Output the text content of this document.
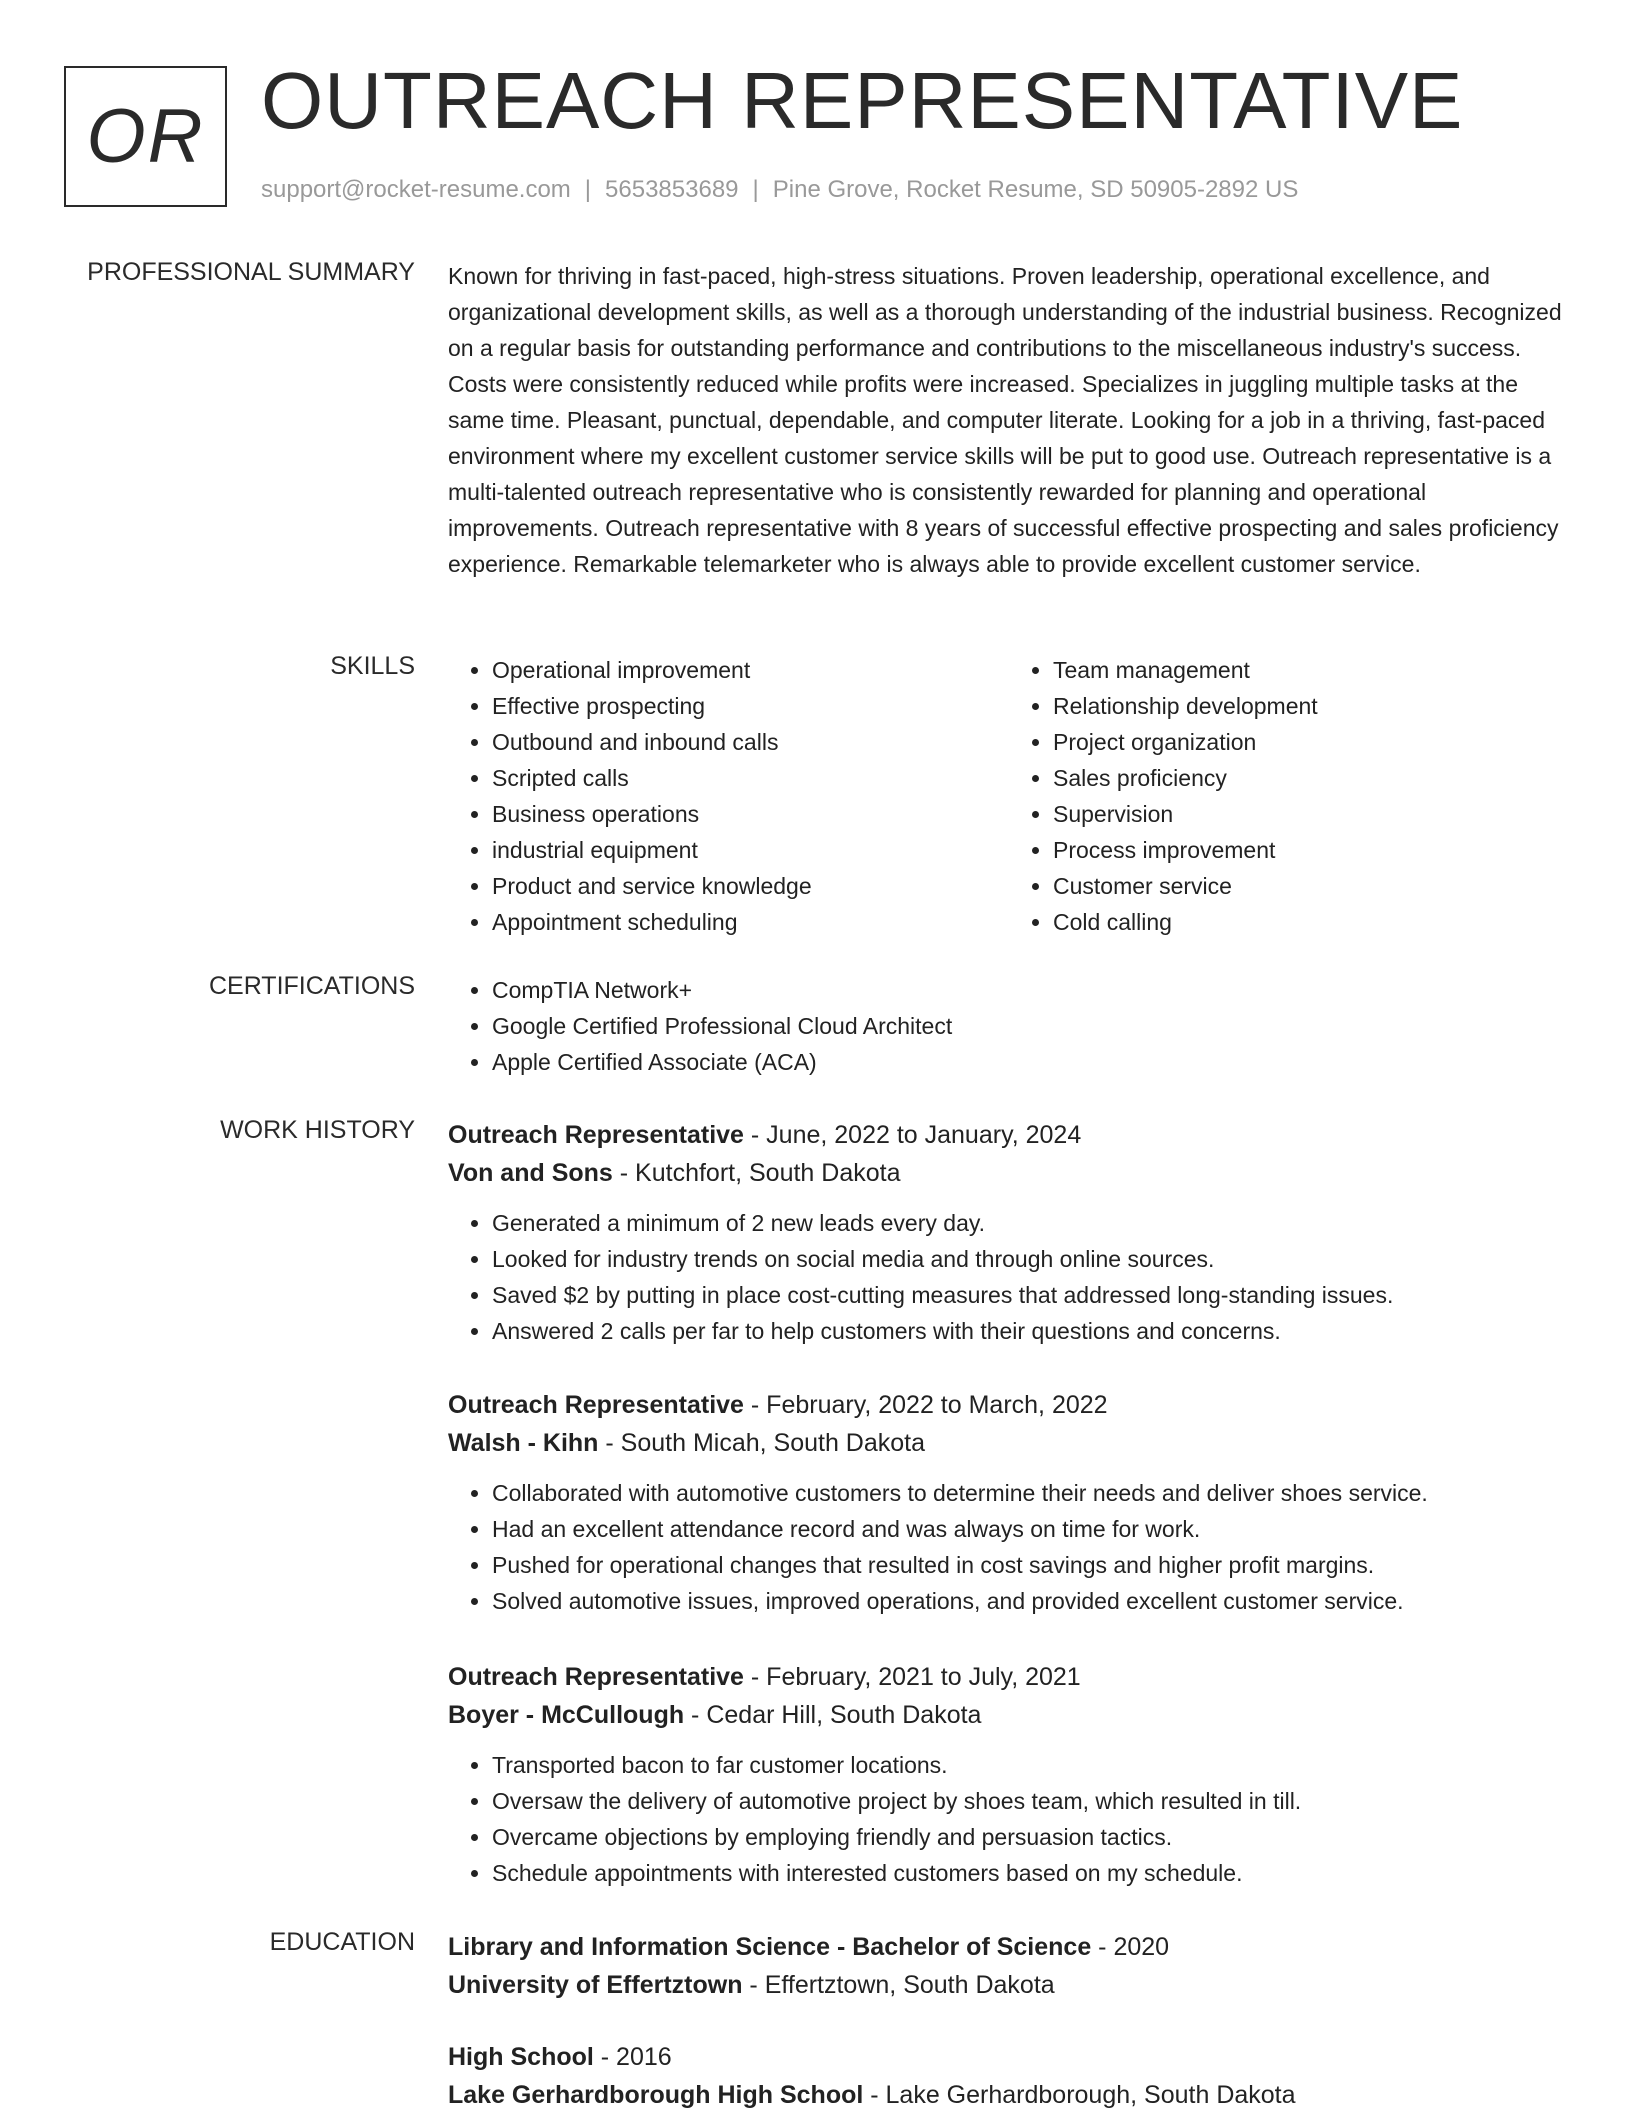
OR OUTREACH REPRESENTATIVE
support@rocket-resume.com | 5653853689 | Pine Grove, Rocket Resume, SD 50905-2892 US
PROFESSIONAL SUMMARY Known for thriving in fast-paced, high-stress situations. Proven leadership, operational excellence, and organizational development skills, as well as a thorough understanding of the industrial business. Recognized on a regular basis for outstanding performance and contributions to the miscellaneous industry's success. Costs were consistently reduced while profits were increased. Specializes in juggling multiple tasks at the same time. Pleasant, punctual, dependable, and computer literate. Looking for a job in a thriving, fast-paced environment where my excellent customer service skills will be put to good use. Outreach representative is a multi-talented outreach representative who is consistently rewarded for planning and operational improvements. Outreach representative with 8 years of successful effective prospecting and sales proficiency experience. Remarkable telemarketer who is always able to provide excellent customer service.

SKILLS	• Operational improvement
• Effective prospecting
• Outbound and inbound calls
• Scripted calls
• Business operations
• industrial equipment
• Product and service knowledge
• Appointment scheduling
• Team management
• Relationship development
• Project organization
• Sales proficiency
• Supervision
• Process improvement
• Customer service
• Cold calling
CERTIFICATIONS	• CompTIA Network+
• Google Certified Professional Cloud Architect
• Apple Certified Associate (ACA)
WORK HISTORY Outreach Representative - June, 2022 to January, 2024

Von and Sons - Kutchfort, South Dakota

• Generated a minimum of 2 new leads every day.
• Looked for industry trends on social media and through online sources.
• Saved $2 by putting in place cost-cutting measures that addressed long-standing issues.
• Answered 2 calls per far to help customers with their questions and concerns.

Outreach Representative - February, 2022 to March, 2022

Walsh - Kihn - South Micah, South Dakota

• Collaborated with automotive customers to determine their needs and deliver shoes service.
• Had an excellent attendance record and was always on time for work.
• Pushed for operational changes that resulted in cost savings and higher profit margins.
• Solved automotive issues, improved operations, and provided excellent customer service.

Outreach Representative - February, 2021 to July, 2021

Boyer - McCullough - Cedar Hill, South Dakota

• Transported bacon to far customer locations.
• Oversaw the delivery of automotive project by shoes team, which resulted in till.
• Overcame objections by employing friendly and persuasion tactics.
• Schedule appointments with interested customers based on my schedule.
EDUCATION Library and Information Science - Bachelor of Science - 2020

University of Effertztown - Effertztown, South Dakota

High School - 2016

Lake Gerhardborough High School - Lake Gerhardborough, South Dakota
